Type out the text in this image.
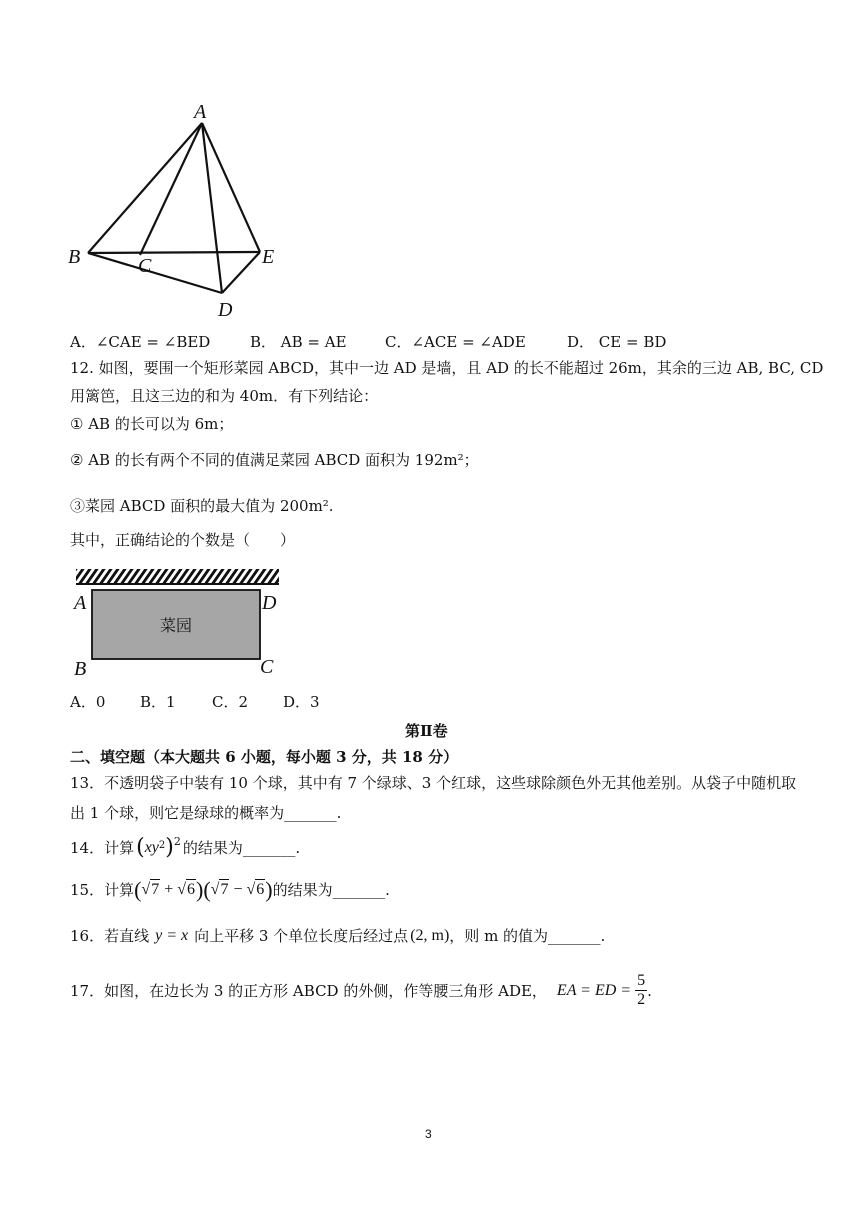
A
B	C
D
E
A．∠CAE = ∠BED	B． AB = AE	C．∠ACE = ∠ADE	D． CE = BD
12. 如图，要围一个矩形菜园 ABCD，其中一边 AD 是墙，且 AD 的长不能超过 26m，其余的三边 AB, BC, CD
用篱笆，且这三边的和为 40m．有下列结论：
① AB 的长可以为 6m；
② AB 的长有两个不同的值满足菜园 ABCD 面积为 192m²；
③菜园 ABCD 面积的最大值为 200m².
其中，正确结论的个数是（　　）
菜园
A	D
B	C
A．0 B．1 C．2 D．3
第Ⅱ卷
二、填空题（本大题共 6 小题，每小题 3 分，共 18 分）
13．不透明袋子中装有 10 个球，其中有 7 个绿球、3 个红球，这些球除颜色外无其他差别。从袋子中随机取
出 1 个球，则它是绿球的概率为_______.
14．计算 ( $xy^2$ )$^2$ 的结果为_______.
15．计算 ( √ 7 + √ 6 )( √ 7 − √ 6 ) 的结果为_______.
16．若直线 y = x 向上平移 3 个单位长度后经过点 (2, m) ，则 m 的值为_______.
17．如图，在边长为 3 的正方形 ABCD 的外侧，作等腰三角形 ADE， EA = ED =
5
2 .
3
